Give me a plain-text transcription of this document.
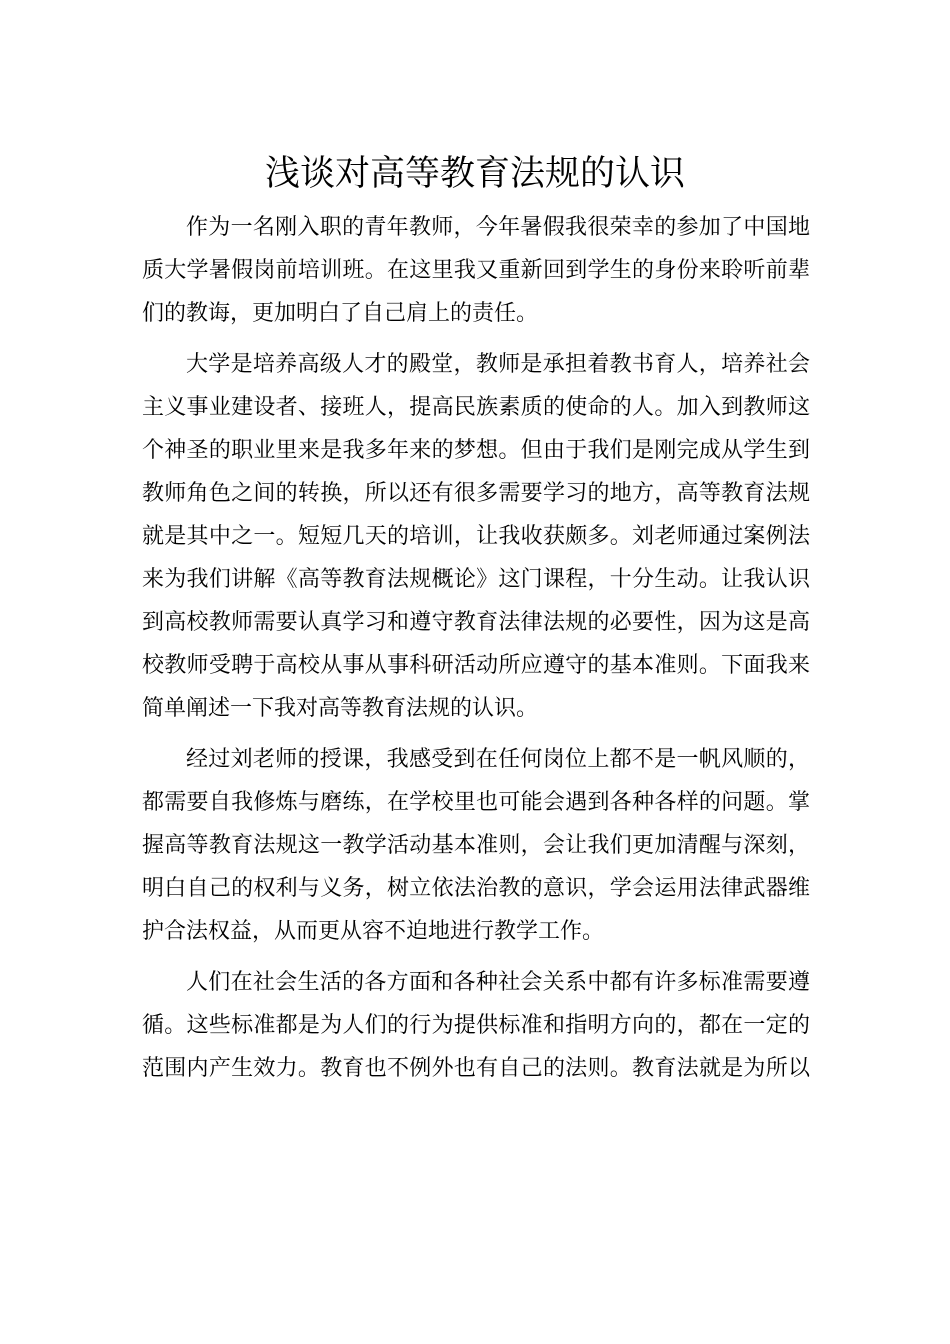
浅谈对高等教育法规的认识

作为一名刚入职的青年教师，今年暑假我很荣幸的参加了中国地
质大学暑假岗前培训班。在这里我又重新回到学生的身份来聆听前辈
们的教诲，更加明白了自己肩上的责任。

大学是培养高级人才的殿堂，教师是承担着教书育人，培养社会
主义事业建设者、接班人，提高民族素质的使命的人。加入到教师这
个神圣的职业里来是我多年来的梦想。但由于我们是刚完成从学生到
教师角色之间的转换，所以还有很多需要学习的地方，高等教育法规
就是其中之一。短短几天的培训，让我收获颇多。刘老师通过案例法
来为我们讲解《高等教育法规概论》这门课程，十分生动。让我认识
到高校教师需要认真学习和遵守教育法律法规的必要性，因为这是高
校教师受聘于高校从事从事科研活动所应遵守的基本准则。下面我来
简单阐述一下我对高等教育法规的认识。

经过刘老师的授课，我感受到在任何岗位上都不是一帆风顺的，
都需要自我修炼与磨练，在学校里也可能会遇到各种各样的问题。掌
握高等教育法规这一教学活动基本准则，会让我们更加清醒与深刻，
明白自己的权利与义务，树立依法治教的意识，学会运用法律武器维
护合法权益，从而更从容不迫地进行教学工作。

人们在社会生活的各方面和各种社会关系中都有许多标准需要遵
循。这些标准都是为人们的行为提供标准和指明方向的，都在一定的
范围内产生效力。教育也不例外也有自己的法则。教育法就是为所以
